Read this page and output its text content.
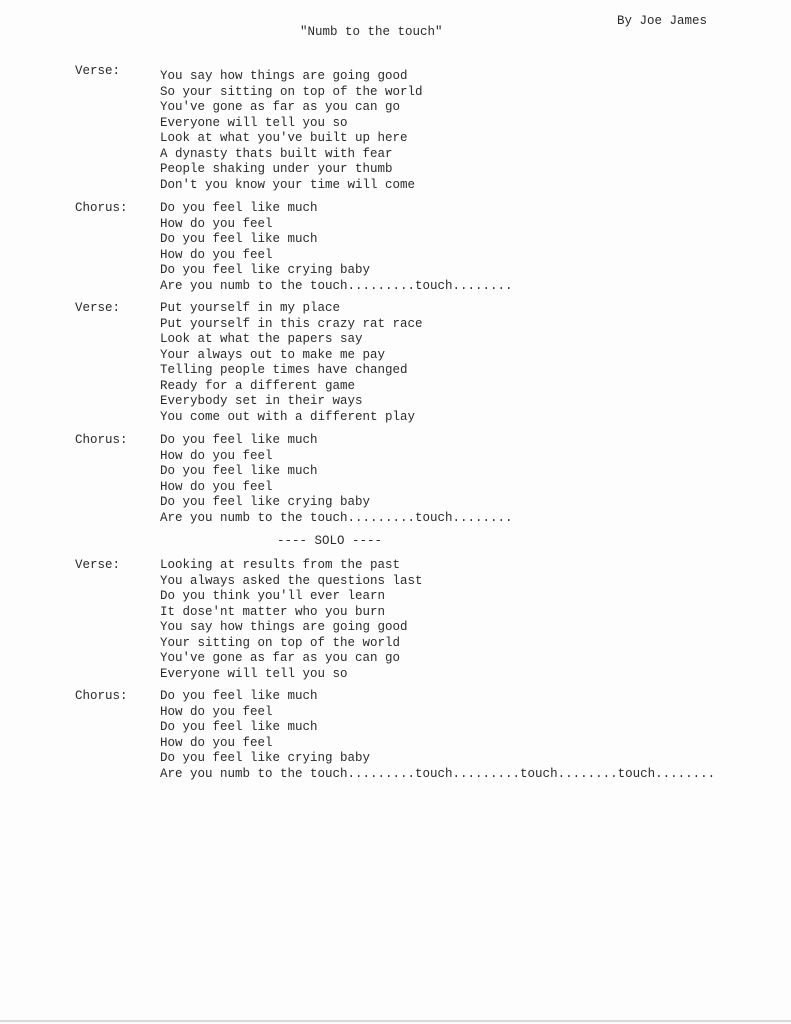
By Joe James
"Numb to the touch"
Verse:	You say how things are going good
So your sitting on top of the world
You've gone as far as you can go
Everyone will tell you so
Look at what you've built up here
A dynasty thats built with fear
People shaking under your thumb
Don't you know your time will come
Chorus:	Do you feel like much
How do you feel
Do you feel like much
How do you feel
Do you feel like crying baby
Are you numb to the touch.........touch........
Verse:	Put yourself in my place
Put yourself in this crazy rat race
Look at what the papers say
Your always out to make me pay
Telling people times have changed
Ready for a different game
Everybody set in their ways
You come out with a different play
Chorus:	Do you feel like much
How do you feel
Do you feel like much
How do you feel
Do you feel like crying baby
Are you numb to the touch.........touch........
---- SOLO ----
Verse:	Looking at results from the past
You always asked the questions last
Do you think you'll ever learn
It dose'nt matter who you burn
You say how things are going good
Your sitting on top of the world
You've gone as far as you can go
Everyone will tell you so
Chorus:	Do you feel like much
How do you feel
Do you feel like much
How do you feel
Do you feel like crying baby
Are you numb to the touch.........touch.........touch........touch........
